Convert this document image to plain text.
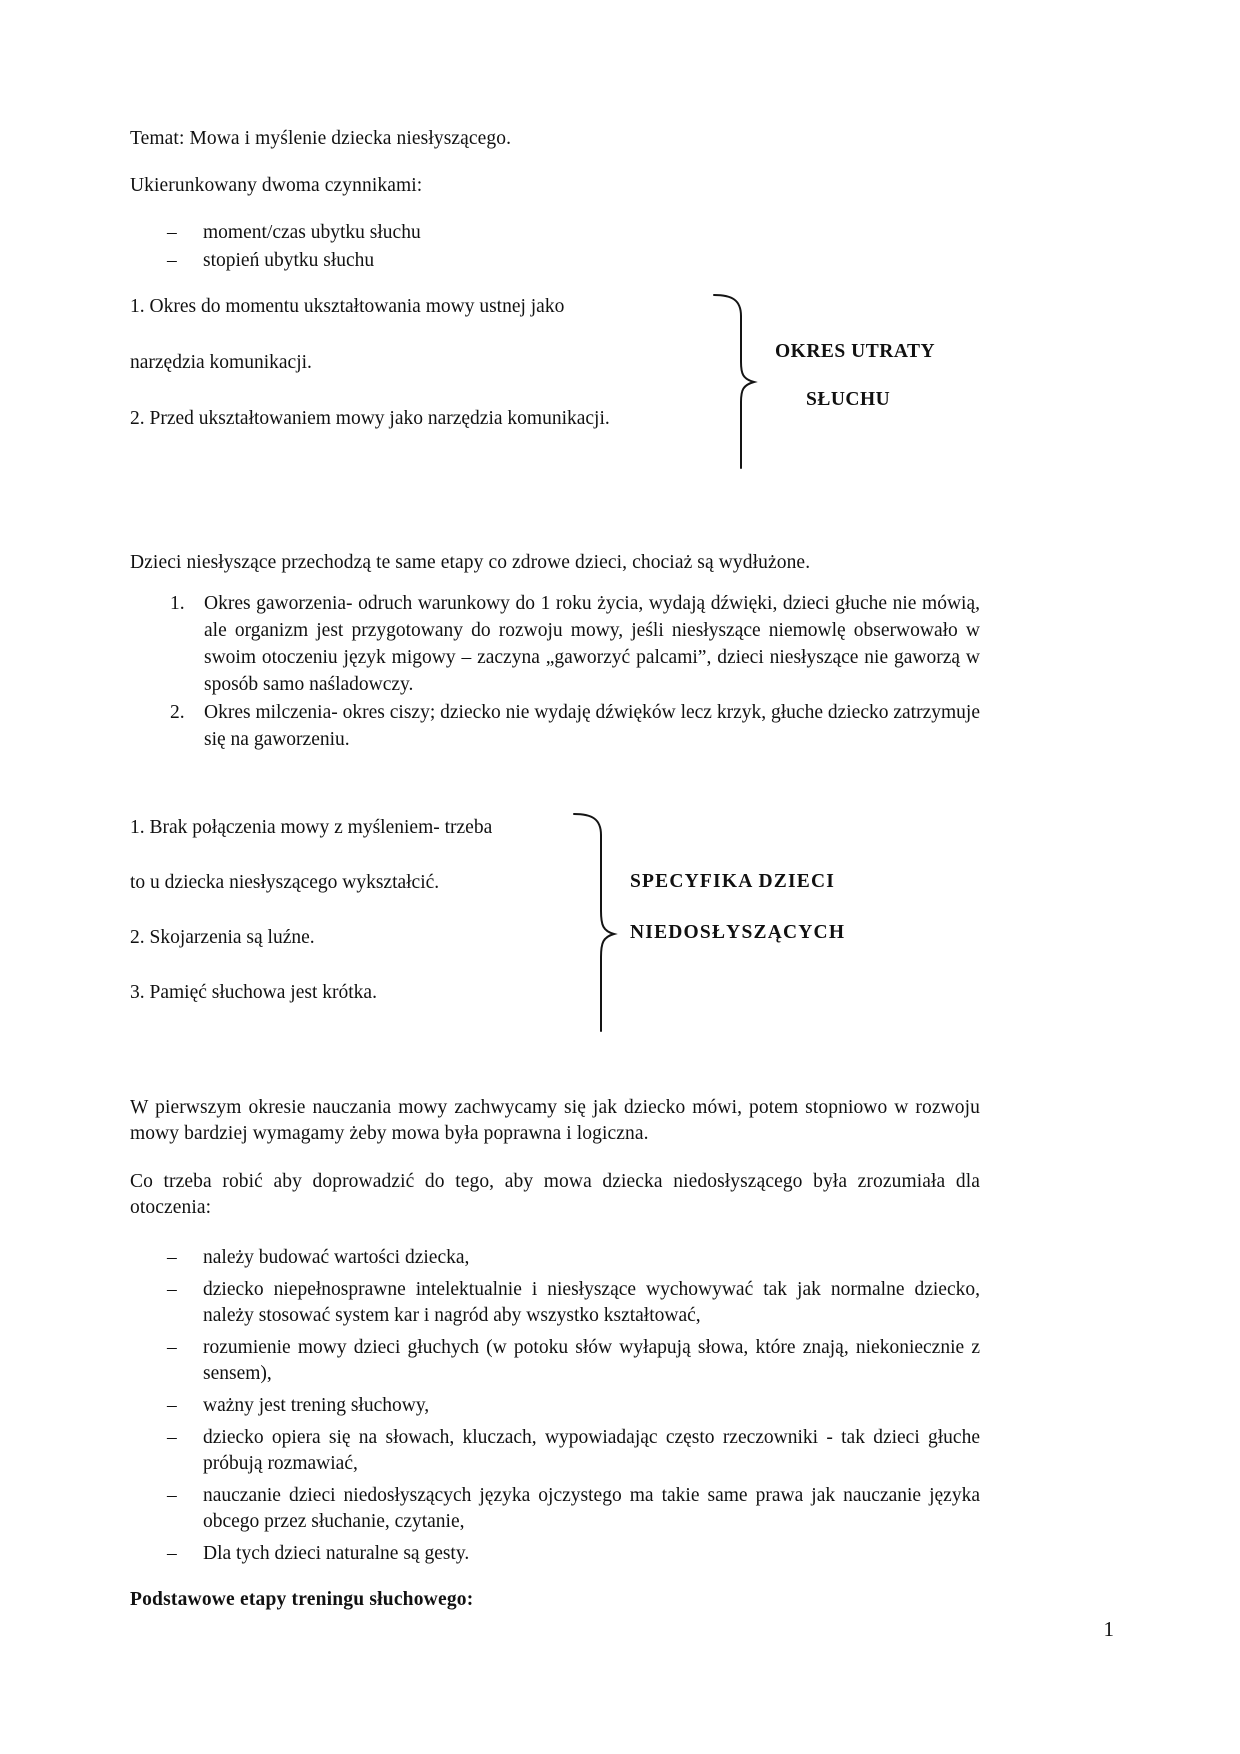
Temat: Mowa i myślenie dziecka niesłyszącego.

Ukierunkowany dwoma czynnikami:

– moment/czas ubytku słuchu
– stopień ubytku słuchu

1. Okres do momentu ukształtowania mowy ustnej jako

narzędzia komunikacji.

2. Przed ukształtowaniem mowy jako narzędzia komunikacji.

OKRES UTRATY
SŁUCHU

Dzieci niesłyszące przechodzą te same etapy co zdrowe dzieci, chociaż są wydłużone.

1. Okres gaworzenia- odruch warunkowy do 1 roku życia, wydają dźwięki, dzieci głuche nie mówią, ale organizm jest przygotowany do rozwoju mowy, jeśli niesłyszące niemowlę obserwowało w swoim otoczeniu język migowy – zaczyna „gaworzyć palcami”, dzieci niesłyszące nie gaworzą w sposób samo naśladowczy.
2. Okres milczenia- okres ciszy; dziecko nie wydaję dźwięków lecz krzyk, głuche dziecko zatrzymuje się na gaworzeniu.

1. Brak połączenia mowy z myśleniem- trzeba

to u dziecka niesłyszącego wykształcić.

2. Skojarzenia są luźne.

3. Pamięć słuchowa jest krótka.

SPECYFIKA DZIECI
NIEDOSŁYSZĄCYCH

W pierwszym okresie nauczania mowy zachwycamy się jak dziecko mówi, potem stopniowo w rozwoju mowy bardziej wymagamy żeby mowa była poprawna i logiczna.

Co trzeba robić aby doprowadzić do tego, aby mowa dziecka niedosłyszącego była zrozumiała dla otoczenia:

– należy budować wartości dziecka,
– dziecko niepełnosprawne intelektualnie i niesłyszące wychowywać tak jak normalne dziecko, należy stosować system kar i nagród aby wszystko kształtować,
– rozumienie mowy dzieci głuchych (w potoku słów wyłapują słowa, które znają, niekoniecznie z sensem),
– ważny jest trening słuchowy,
– dziecko opiera się na słowach, kluczach, wypowiadając często rzeczowniki - tak dzieci głuche próbują rozmawiać,
– nauczanie dzieci niedosłyszących języka ojczystego ma takie same prawa jak nauczanie języka obcego przez słuchanie, czytanie,
– Dla tych dzieci naturalne są gesty.

Podstawowe etapy treningu słuchowego:

1
